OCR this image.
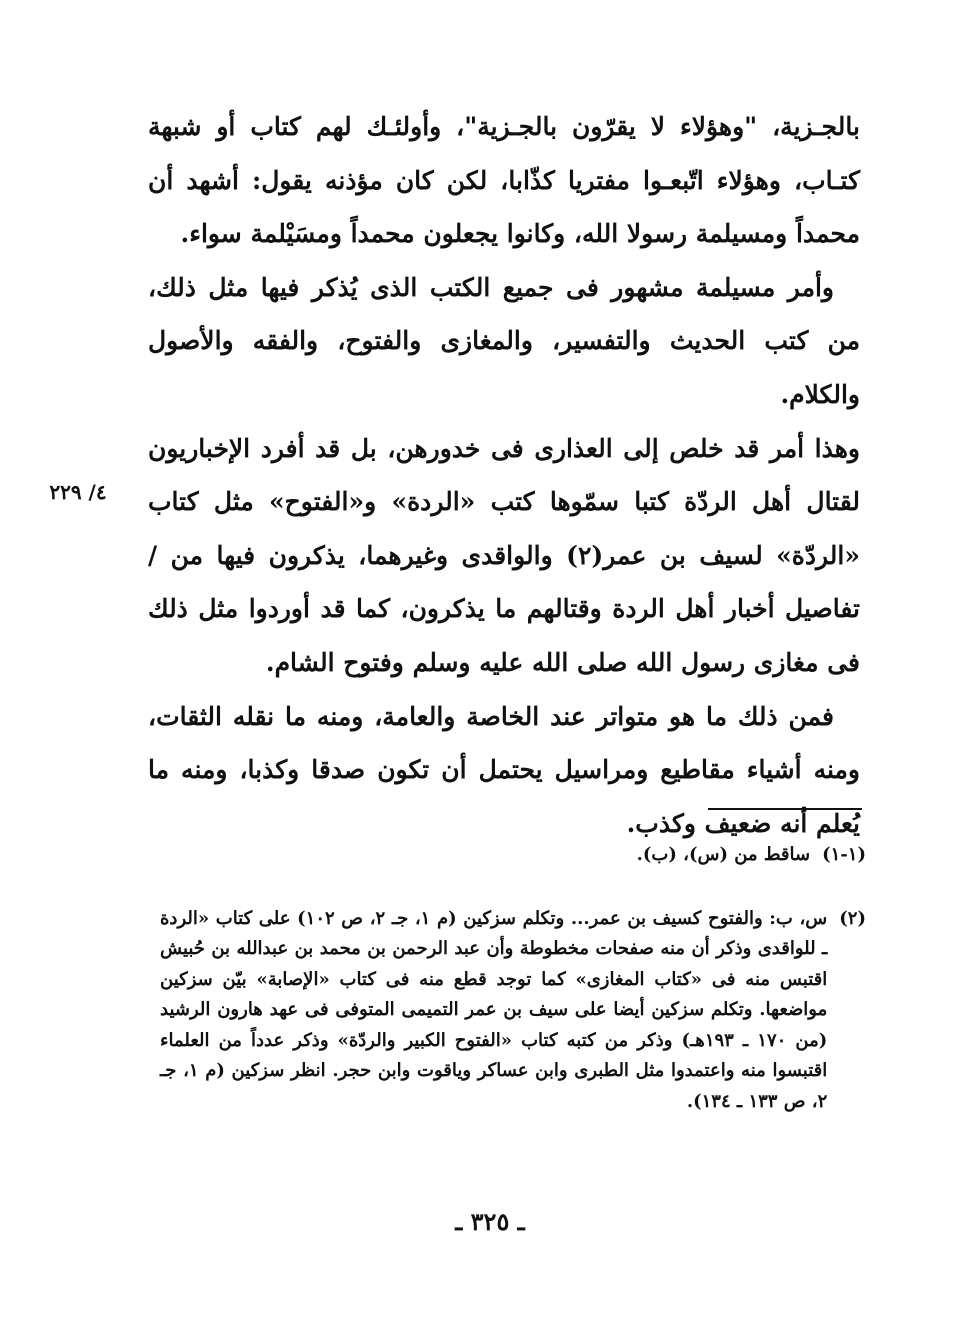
بالجـزية، "وهؤلاء لا يقرّون بالجـزية"، وأولئـك لهم كتاب أو شبهة كتـاب، وهؤلاء اتّبعـوا مفتريا كذّابا، لكن كان مؤذنه يقول: أشهد أن محمداً ومسيلمة رسولا الله، وكانوا يجعلون محمداً ومسَيْلمة سواء.

وأمر مسيلمة مشهور فى جميع الكتب الذى يُذكر فيها مثل ذلك، من كتب الحديث والتفسير، والمغازى والفتوح، والفقه والأصول والكلام.

وهذا أمر قد خلص إلى العذارى فى خدورهن، بل قد أفرد الإخباريون لقتال أهل الردّة كتبا سمّوها كتب «الردة» و«الفتوح» مثل كتاب «الردّة» لسيف بن عمر(٢) والواقدى وغيرهما، يذكرون فيها من / تفاصيل أخبار أهل الردة وقتالهم ما يذكرون، كما قد أوردوا مثل ذلك فى مغازى رسول الله صلى الله عليه وسلم وفتوح الشام.

فمن ذلك ما هو متواتر عند الخاصة والعامة، ومنه ما نقله الثقات، ومنه أشياء مقاطيع ومراسيل يحتمل أن تكون صدقا وكذبا، ومنه ما يُعلم أنه ضعيف وكذب.

٤/ ٢٢٩
(١-١)
ساقط من (س)، (ب).
(٢)
س، ب: والفتوح كسيف بن عمر... وتكلم سزكين (م ١، جـ ٢، ص ١٠٢) على كتاب «الردة ـ للواقدى وذكر أن منه صفحات مخطوطة وأن عبد الرحمن بن محمد بن عبدالله بن حُبيش اقتبس منه فى «كتاب المغازى» كما توجد قطع منه فى كتاب «الإصابة» بيّن سزكين مواضعها. وتكلم سزكين أيضا على سيف بن عمر التميمى المتوفى فى عهد هارون الرشيد (من ١٧٠ ـ ١٩٣هـ) وذكر من كتبه كتاب «الفتوح الكبير والردّة» وذكر عدداً من العلماء اقتبسوا منه واعتمدوا مثل الطبرى وابن عساكر وياقوت وابن حجر. انظر سزكين (م ١، جـ ٢، ص ١٣٣ ـ ١٣٤).
ـ ٣٢٥ ـ
